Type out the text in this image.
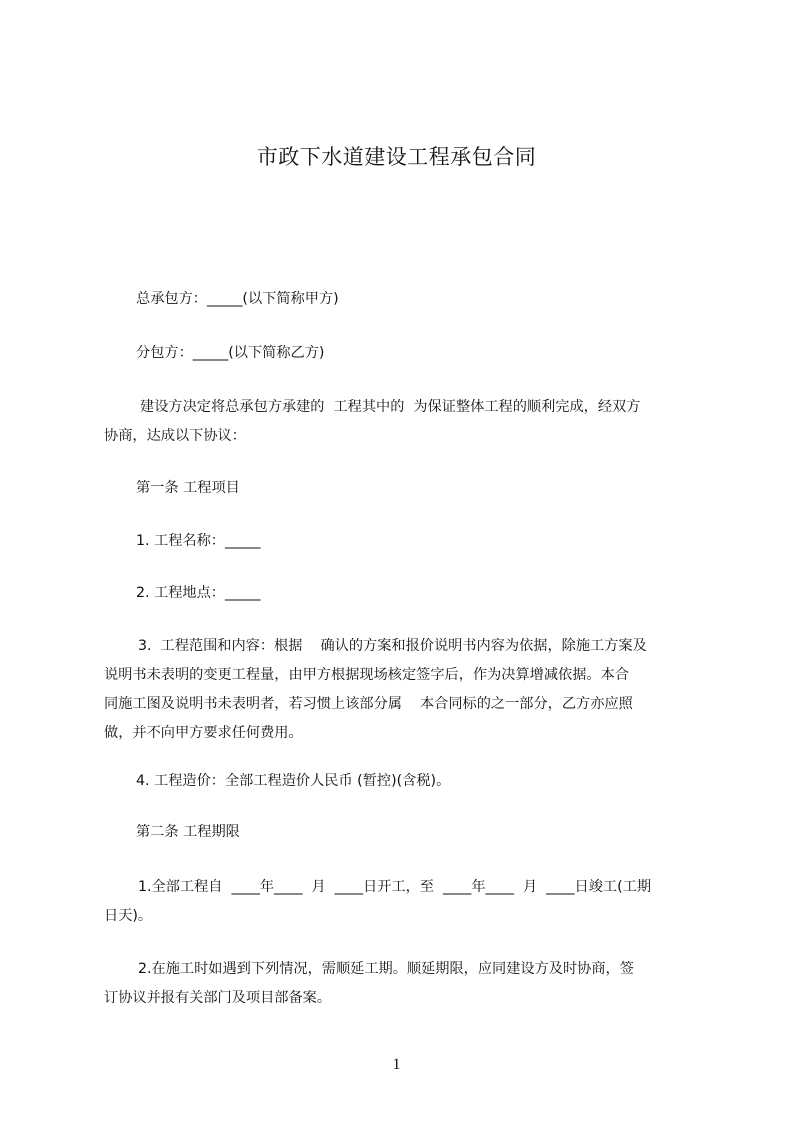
市政下水道建设工程承包合同

总承包方：_____(以下简称甲方)

分包方：_____(以下简称乙方)

建设方决定将总承包方承建的  工程其中的  为保证整体工程的顺利完成，经双方
协商，达成以下协议：

第一条 工程项目

1. 工程名称：_____

2. 工程地点：_____

3.  工程范围和内容：根据    确认的方案和报价说明书内容为依据，除施工方案及
说明书未表明的变更工程量，由甲方根据现场核定签字后，作为决算增减依据。本合
同施工图及说明书未表明者，若习惯上该部分属    本合同标的之一部分，乙方亦应照
做，并不向甲方要求任何费用。

4. 工程造价：全部工程造价人民币 (暂控)(含税)。

第二条 工程期限

1.全部工程自  ____年____  月  ____日开工，至  ____年____  月  ____日竣工(工期
日天)。
2.在施工时如遇到下列情况，需顺延工期。顺延期限，应同建设方及时协商，签
订协议并报有关部门及项目部备案。
1
